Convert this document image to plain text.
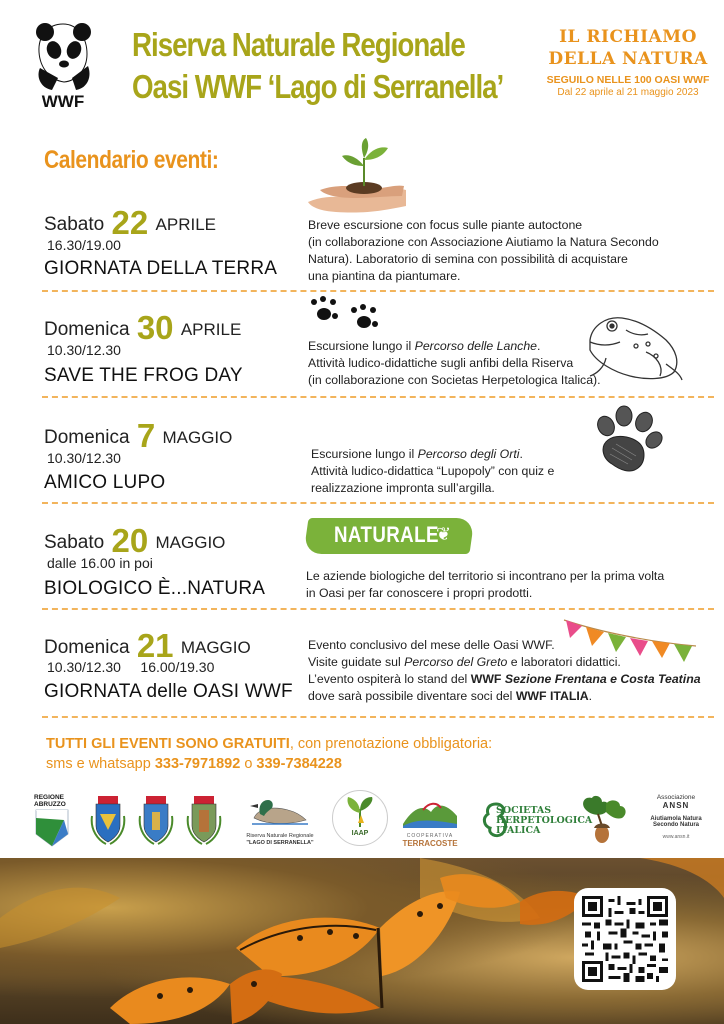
WWF
Riserva Naturale Regionale
Oasi WWF ‘Lago di Serranella’
IL RICHIAMO
DELLA NATURA
SEGUILO NELLE 100 OASI WWF
Dal 22 aprile al 21 maggio 2023
Calendario eventi:
Sabato 22 APRILE
16.30/19.00
GIORNATA DELLA TERRA
Breve escursione con focus sulle piante autoctone
(in collaborazione con Associazione Aiutiamo la Natura Secondo
Natura). Laboratorio di semina con possibilità di acquistare
una piantina da piantumare.
Domenica 30 APRILE
10.30/12.30
SAVE THE FROG DAY
Escursione lungo il Percorso delle Lanche.
Attività ludico-didattiche sugli anfibi della Riserva
(in collaborazione con Societas Herpetologica Italica).
Domenica 7 MAGGIO
10.30/12.30
AMICO LUPO
Escursione lungo il Percorso degli Orti.
Attività ludico-didattica “Lupopoly” con quiz e
realizzazione impronta sull’argilla.
NATURALE
❦
Sabato 20 MAGGIO
dalle 16.00 in poi
BIOLOGICO È...NATURA
Le aziende biologiche del territorio si incontrano per la prima volta
in Oasi per far conoscere i propri prodotti.
Domenica 21 MAGGIO
10.30/12.30     16.00/19.30
GIORNATA delle OASI WWF
Evento conclusivo del mese delle Oasi WWF.
Visite guidate sul Percorso del Greto e laboratori didattici.
L’evento ospiterà lo stand del WWF Sezione Frentana e Costa Teatina
dove sarà possibile diventare soci del WWF ITALIA.
TUTTI GLI EVENTI SONO GRATUITI, con prenotazione obbligatoria:
sms e whatsapp 333-7971892 o 339-7384228
REGIONE
ABRUZZO
Riserva Naturale Regionale
"LAGO DI SERRANELLA"
IAAP	COOPERATIVA
TERRACOSTE
SOCIETAS
HERPETOLOGICA
ITALICA
Associazione
ANSN
Aiutiamola Natura
Secondo Natura
www.ansn.it
